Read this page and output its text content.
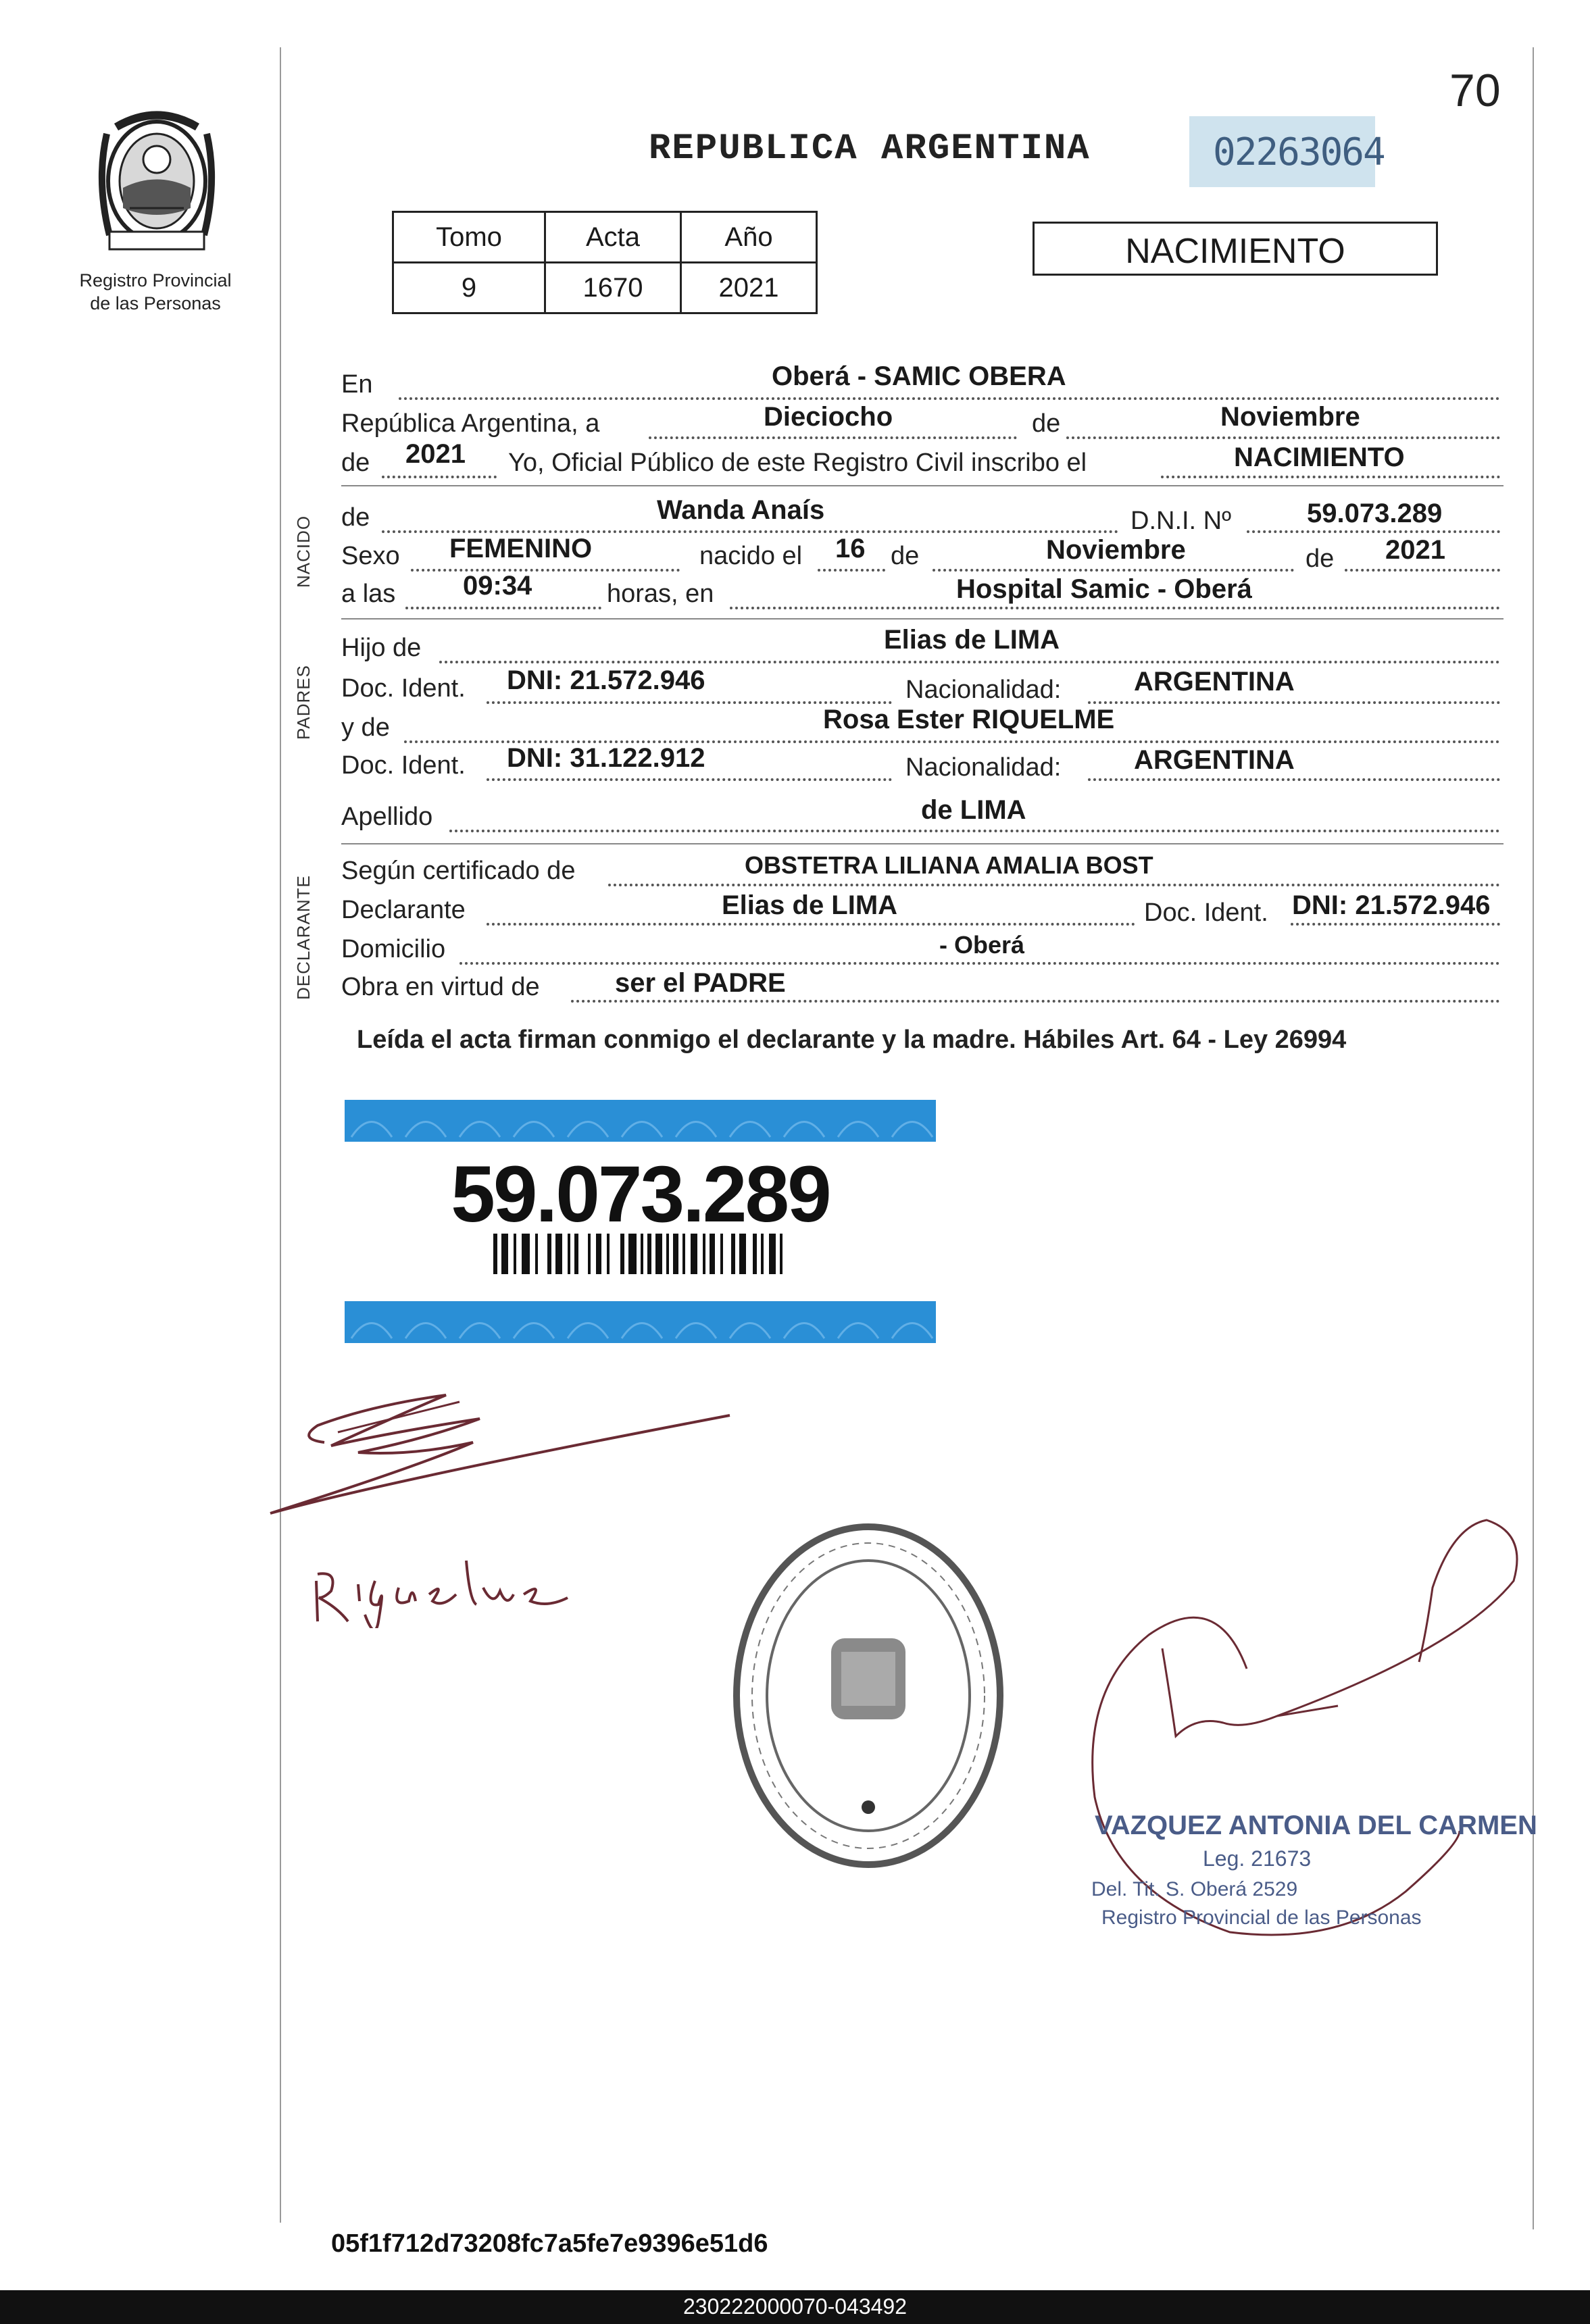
70
REPUBLICA ARGENTINA	02263064
Registro Provincial
de las Personas
Tomo	Acta	Año
9	1670	2021
NACIMIENTO
En	Oberá - SAMIC OBERA
República Argentina, a	Dieciocho	de	Noviembre
de 2021 Yo, Oficial Público de este Registro Civil inscribo el	NACIMIENTO
NACIDO de	Wanda Anaís	D.N.I. Nº	59.073.289
Sexo FEMENINO	nacido el 16 de	Noviembre	de 2021
a las 09:34	horas, en	Hospital Samic - Oberá
PADRES
Hijo de	Elias de LIMA
Doc. Ident. DNI: 21.572.946	Nacionalidad:	ARGENTINA
y de	Rosa Ester RIQUELME
Doc. Ident. DNI: 31.122.912	Nacionalidad:	ARGENTINA
Apellido	de LIMA
DECLARANTE
Según certificado de	OBSTETRA LILIANA AMALIA BOST
Declarante	Elias de LIMA	Doc. Ident. DNI: 21.572.946
Domicilio	- Oberá
Obra en virtud de	ser el PADRE
Leída el acta firman conmigo el declarante y la madre. Hábiles Art. 64 - Ley 26994
59.073.289
VAZQUEZ ANTONIA DEL CARMEN
Leg. 21673
Del. Tit. S. Oberá 2529
Registro Provincial de las Personas
05f1f712d73208fc7a5fe7e9396e51d6
230222000070-043492
